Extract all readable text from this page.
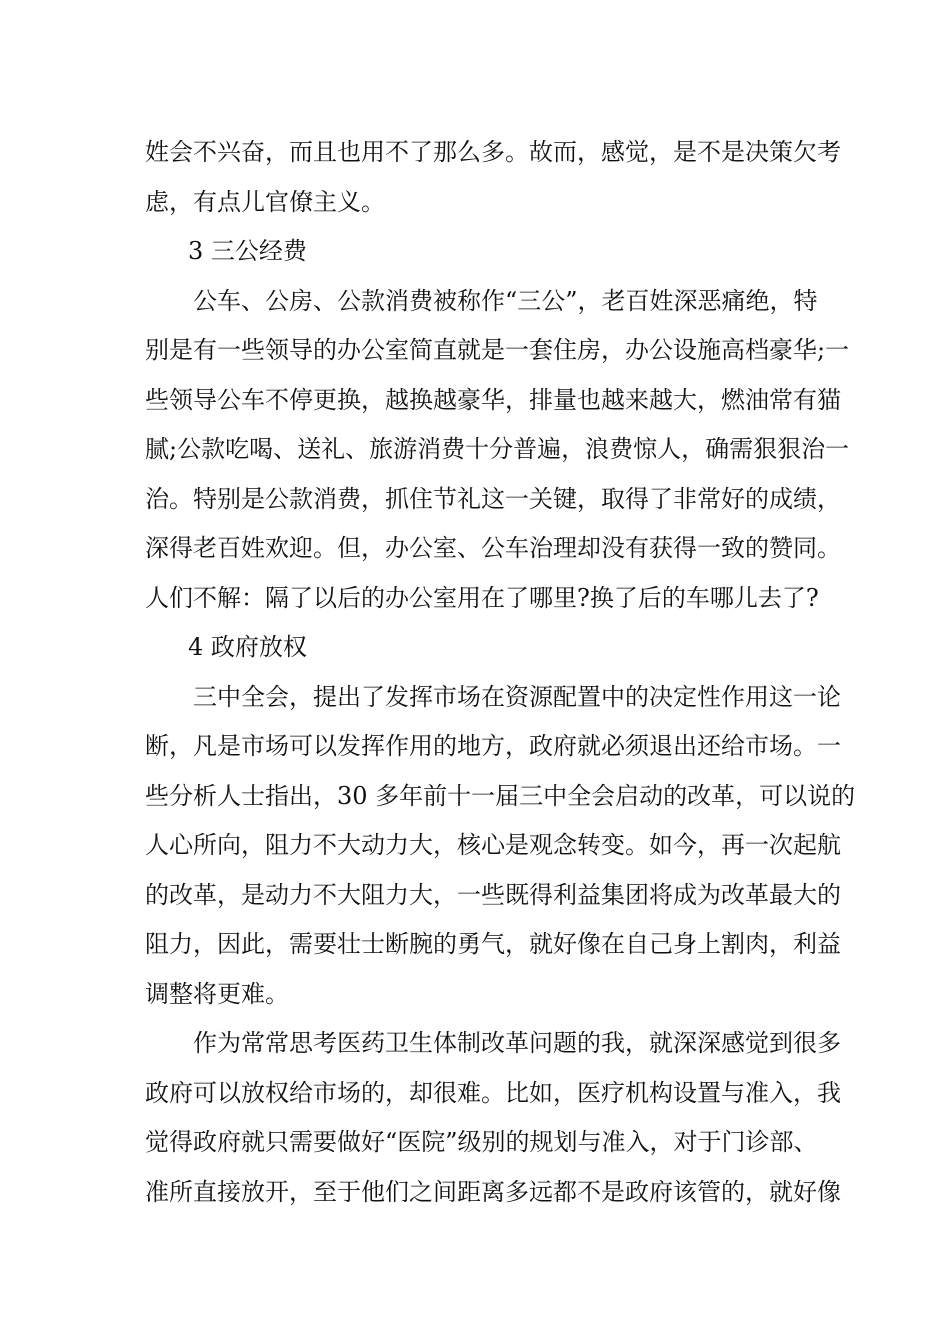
姓会不兴奋，而且也用不了那么多。故而，感觉，是不是决策欠考
虑，有点儿官僚主义。
3 三公经费
公车、公房、公款消费被称作“三公”，老百姓深恶痛绝，特
别是有一些领导的办公室简直就是一套住房，办公设施高档豪华;一
些领导公车不停更换，越换越豪华，排量也越来越大，燃油常有猫
腻;公款吃喝、送礼、旅游消费十分普遍，浪费惊人，确需狠狠治一
治。特别是公款消费，抓住节礼这一关键，取得了非常好的成绩，
深得老百姓欢迎。但，办公室、公车治理却没有获得一致的赞同。
人们不解：隔了以后的办公室用在了哪里?换了后的车哪儿去了?
4 政府放权
三中全会，提出了发挥市场在资源配置中的决定性作用这一论
断，凡是市场可以发挥作用的地方，政府就必须退出还给市场。一
些分析人士指出，30 多年前十一届三中全会启动的改革，可以说的
人心所向，阻力不大动力大，核心是观念转变。如今，再一次起航
的改革，是动力不大阻力大，一些既得利益集团将成为改革最大的
阻力，因此，需要壮士断腕的勇气，就好像在自己身上割肉，利益
调整将更难。
作为常常思考医药卫生体制改革问题的我，就深深感觉到很多
政府可以放权给市场的，却很难。比如，医疗机构设置与准入，我
觉得政府就只需要做好“医院”级别的规划与准入，对于门诊部、
准所直接放开，至于他们之间距离多远都不是政府该管的，就好像
